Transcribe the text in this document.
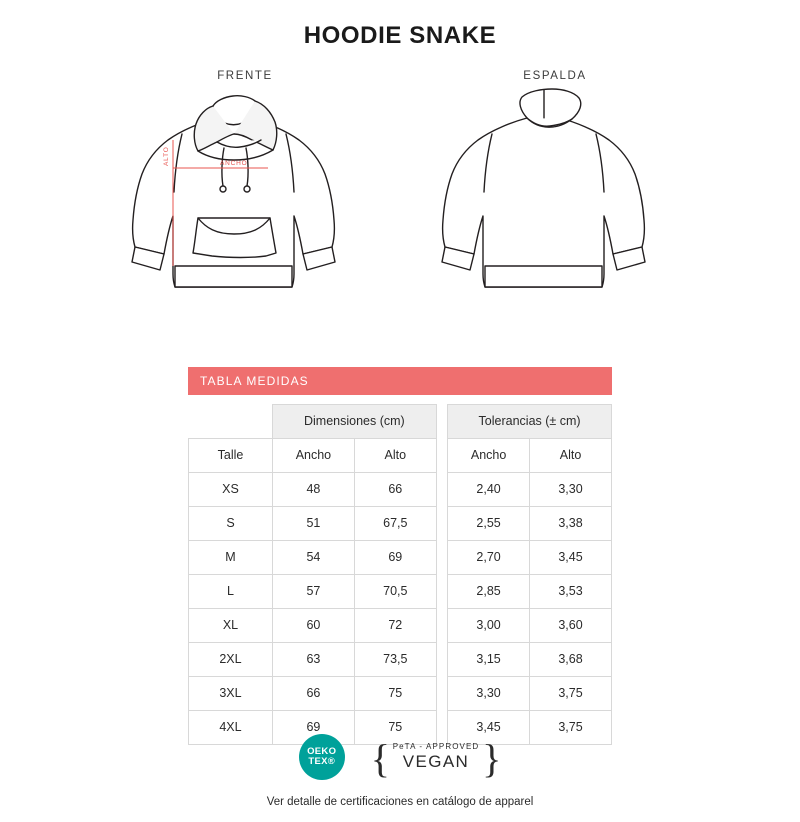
HOODIE SNAKE
FRENTE
ALTO	ANCHO
ESPALDA
TABLA MEDIDAS
	Dimensiones (cm)			Tolerancias (± cm)	
Talle	Ancho	Alto		Ancho	Alto
XS	48	66		2,40	3,30
S	51	67,5		2,55	3,38
M	54	69		2,70	3,45
L	57	70,5		2,85	3,53
XL	60	72		3,00	3,60
2XL	63	73,5		3,15	3,68
3XL	66	75		3,30	3,75
4XL	69	75		3,45	3,75
OEKO
TEX® { PeTA - APPROVED
VEGAN }
Ver detalle de certificaciones en catálogo de apparel
